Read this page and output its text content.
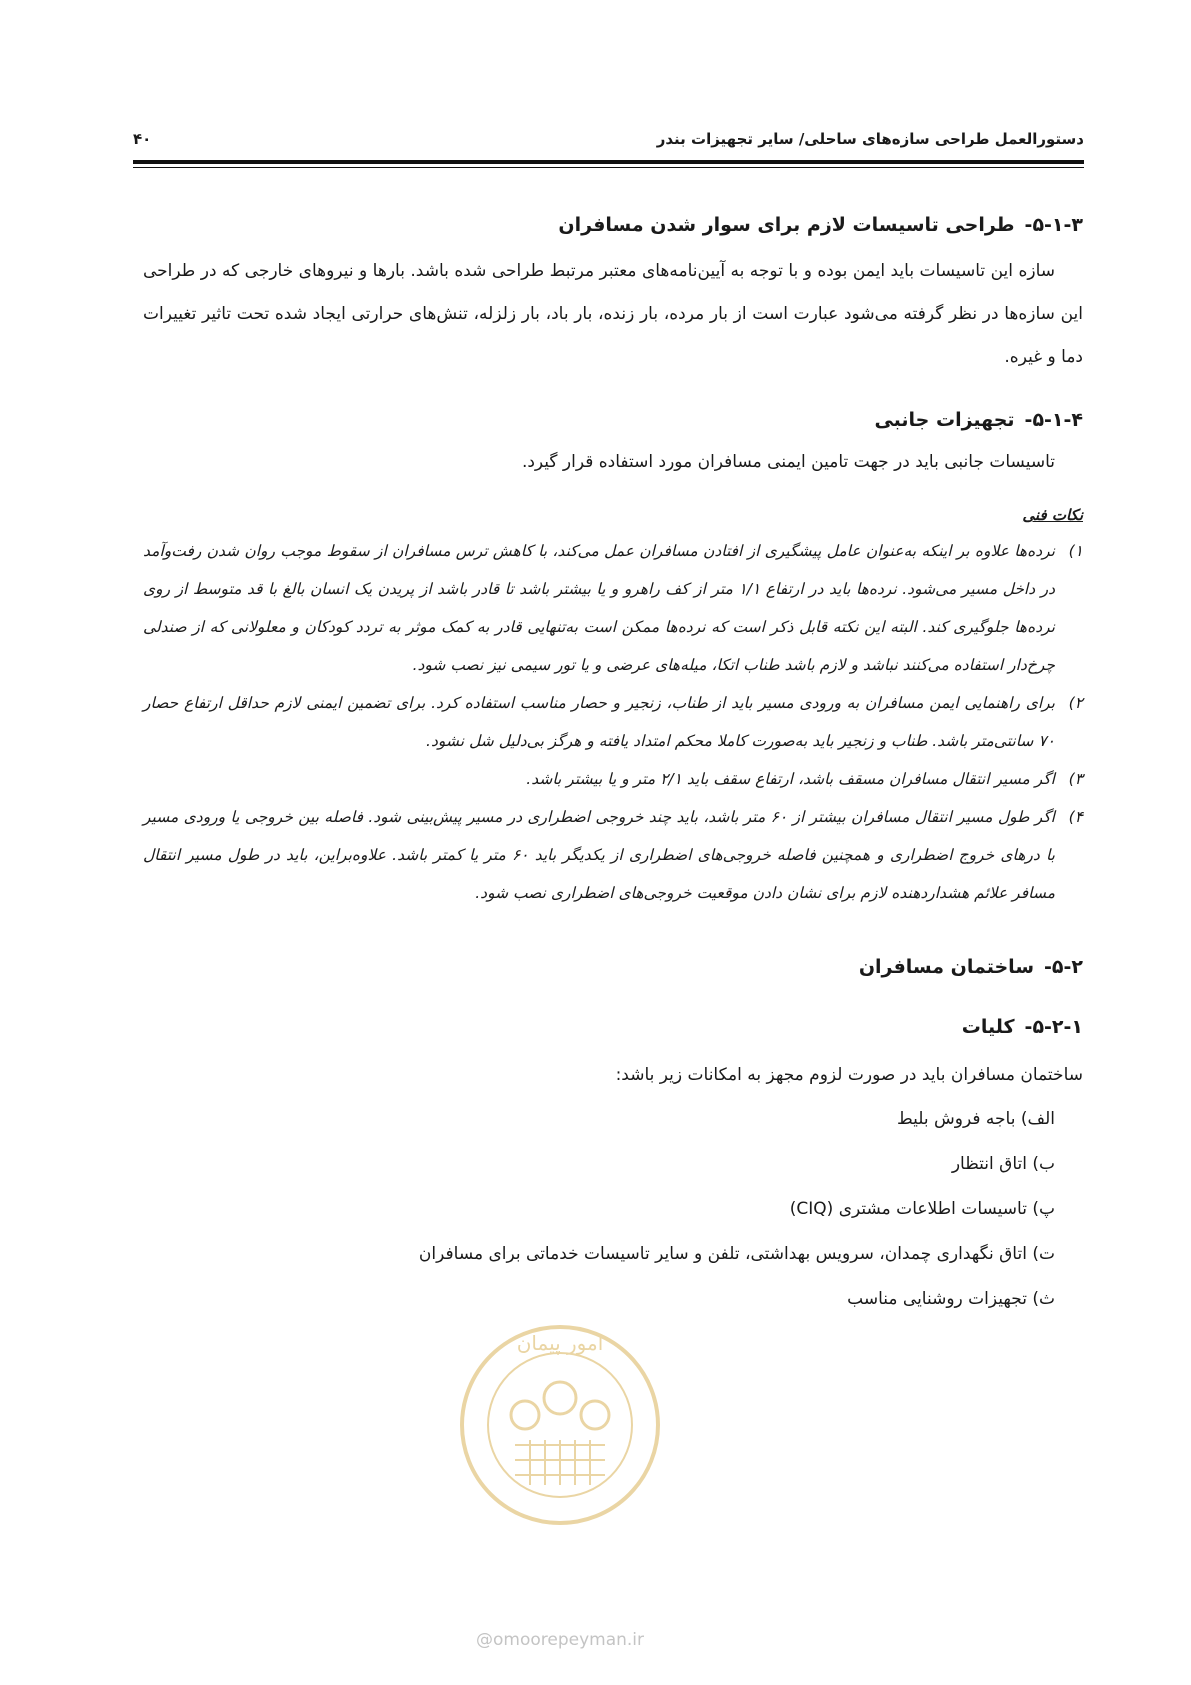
دستورالعمل طراحی سازه‌های ساحلی/ سایر تجهیزات بندر
۴۰
۵-۱-۳-طراحی تاسیسات لازم برای سوار شدن مسافران

سازه این تاسیسات باید ایمن بوده و با توجه به آیین‌نامه‌های معتبر مرتبط طراحی شده باشد. بارها و نیروهای خارجی که در طراحی این سازه‌ها در نظر گرفته می‌شود عبارت است از بار مرده، بار زنده، بار باد، بار زلزله، تنش‌های حرارتی ایجاد شده تحت تاثیر تغییرات دما و غیره.

۵-۱-۴-تجهیزات جانبی

تاسیسات جانبی باید در جهت تامین ایمنی مسافران مورد استفاده قرار گیرد.

نکات فنی

۱)
نرده‌ها علاوه بر اینکه به‌عنوان عامل پیشگیری از افتادن مسافران عمل می‌کند، با کاهش ترس مسافران از سقوط موجب روان شدن رفت‌وآمد در داخل مسیر می‌شود. نرده‌ها باید در ارتفاع ۱/۱ متر از کف راهرو و یا بیشتر باشد تا قادر باشد از پریدن یک انسان بالغ با قد متوسط از روی نرده‌ها جلوگیری کند. البته این نکته قابل ذکر است که نرده‌ها ممکن است به‌تنهایی قادر به کمک موثر به تردد کودکان و معلولانی که از صندلی چرخ‌دار استفاده می‌کنند نباشد و لازم باشد طناب اتکا، میله‌های عرضی و یا تور سیمی نیز نصب شود.
۲)
برای راهنمایی ایمن مسافران به ورودی مسیر باید از طناب، زنجیر و حصار مناسب استفاده کرد. برای تضمین ایمنی لازم حداقل ارتفاع حصار ۷۰ سانتی‌متر باشد. طناب و زنجیر باید به‌صورت کاملا محکم امتداد یافته و هرگز بی‌دلیل شل نشود.
۳)
اگر مسیر انتقال مسافران مسقف باشد، ارتفاع سقف باید ۲/۱ متر و یا بیشتر باشد.
۴)
اگر طول مسیر انتقال مسافران بیشتر از ۶۰ متر باشد، باید چند خروجی اضطراری در مسیر پیش‌بینی شود. فاصله بین خروجی یا ورودی مسیر با درهای خروج اضطراری و همچنین فاصله خروجی‌های اضطراری از یکدیگر باید ۶۰ متر یا کمتر باشد. علاوه‌براین، باید در طول مسیر انتقال مسافر علائم هشداردهنده لازم برای نشان دادن موقعیت خروجی‌های اضطراری نصب شود.
۵-۲-ساختمان مسافران
۵-۲-۱-کلیات

ساختمان مسافران باید در صورت لزوم مجهز به امکانات زیر باشد:

الف) باجه فروش بلیط
ب) اتاق انتظار
پ) تاسیسات اطلاعات مشتری (CIQ)
ت) اتاق نگهداری چمدان، سرویس بهداشتی، تلفن و سایر تاسیسات خدماتی برای مسافران
ث) تجهیزات روشنایی مناسب
امور پیمان
@omoorepeyman.ir
